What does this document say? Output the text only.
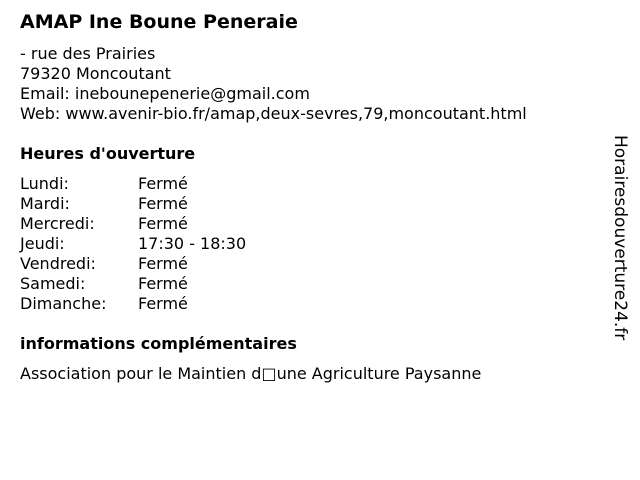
AMAP Ine Boune Peneraie
- rue des Prairies
79320 Moncoutant
Email: inebounepenerie@gmail.com
Web: www.avenir-bio.fr/amap,deux-sevres,79,moncoutant.html
Heures d'ouverture
Lundi:	Fermé
Mardi:	Fermé
Mercredi:	Fermé
Jeudi:	17:30 - 18:30
Vendredi:	Fermé
Samedi:	Fermé
Dimanche:	Fermé
informations complémentaires
Association pour le Maintien d□une Agriculture Paysanne
Horairesdouverture24.fr
